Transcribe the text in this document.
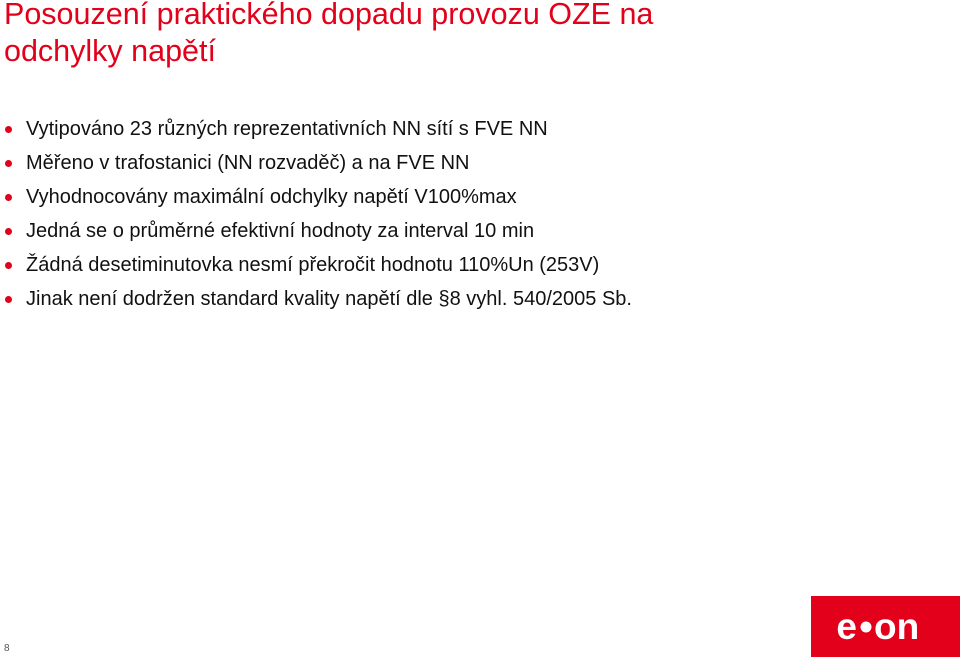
Posouzení praktického dopadu provozu OZE na
odchylky napětí
Vytipováno 23 různých reprezentativních NN sítí s FVE NN
Měřeno v trafostanici (NN rozvaděč) a na FVE NN
Vyhodnocovány maximální odchylky napětí V100%max
Jedná se o průměrné efektivní hodnoty za interval 10 min
Žádná desetiminutovka nesmí překročit hodnotu 110%Un (253V)
Jinak není dodržen standard kvality napětí dle §8 vyhl. 540/2005 Sb.
8
e on
